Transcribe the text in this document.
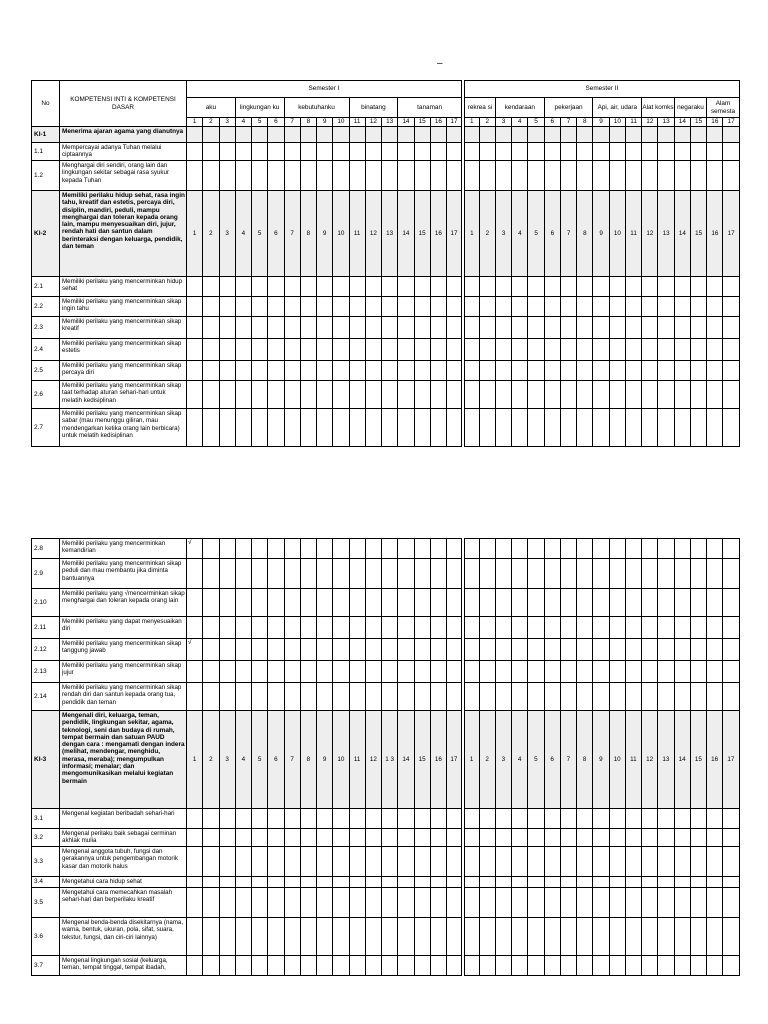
–
No	KOMPETENSI INTI & KOMPETENSI DASAR	Semester I																	Semester II																
		aku			lingkungan ku			kebutuhanku				binatang			tanaman				rekrea si		kendaraan			pekerjaan			Api, air, udara			Alat komks		negaraku		Alam semesta	
		1	2	3	4	5	6	7	8	9	10	11	12	13	14	15	16	17	1	2	3	4	5	6	7	8	9	10	11	12	13	14	15	16	17
KI-1	Menerima ajaran agama yang dianutnya																																		
1.1	Mempercayai adanya Tuhan melalui ciptaannya																																		
1.2	Menghargai diri sendiri, orang lain dan lingkungan sekitar sebagai rasa syukur kepada Tuhan																																		
KI-2	Memiliki perilaku hidup sehat, rasa ingin tahu, kreatif dan estetis, percaya diri, disiplin, mandiri, peduli, mampu menghargai dan toleran kepada orang lain, mampu menyesuaikan diri, jujur, rendah hati dan santun dalam berinteraksi dengan keluarga, pendidik, dan teman	1	2	3	4	5	6	7	8	9	10	11	12	13	14	15	16	17	1	2	3	4	5	6	7	8	9	10	11	12	13	14	15	16	17
2.1	Memiliki perilaku yang mencerminkan hidup sehat																																		
2.2	Memiliki perilaku yang mencerminkan sikap ingin tahu																																		
2.3	Memiliki perilaku yang mencerminkan sikap kreatif																																		
2.4	Memiliki perilaku yang mencerminkan sikap estetis																																		
2.5	Memiliki perilaku yang mencerminkan sikap percaya diri																																		
2.6	Memiliki perilaku yang mencerminkan sikap taat terhadap aturan sehari-hari untuk melatih kedisiplinan																																		
2.7	Memiliki perilaku yang mencerminkan sikap sabar (mau menunggu giliran, mau mendengarkan ketika orang lain berbicara) untuk melatih kedisiplinan																																		
2.8	Memiliki perilaku yang mencerminkan kemandirian	√																																	
2.9	Memiliki perilaku yang mencerminkan sikap peduli dan mau membantu jika diminta bantuannya																																		
2.10	Memiliki perilaku yang √mencerminkan sikap menghargai dan toleran kepada orang lain																																		
2.11	Memiliki perilaku yang dapat menyesuaikan diri																																		
2.12	Memiliki perilaku yang mencerminkan sikap tanggung jawab	√																																	
2.13	Memiliki perilaku yang mencerminkan sikap jujur																																		
2.14	Memiliki perilaku yang mencerminkan sikap rendah diri dan santun kepada orang tua, pendidik dan teman																																		
KI-3	Mengenali diri, keluarga, teman, pendidik, lingkungan sekitar, agama, teknologi, seni dan budaya di rumah, tempat bermain dan satuan PAUD dengan cara : mengamati dengan indera (melihat, mendengar, menghidu, merasa, meraba); mengumpulkan informasi; menalar; dan mengomunikasikan melalui kegiatan bermain	1	2	3	4	5	6	7	8	9	10	11	12	1 3	14	15	16	17	1	2	3	4	5	6	7	8	9	10	11	12	13	14	15	16	17
3.1	Mengenal kegiatan beribadah sehari-hari																																		
3.2	Mengenal perilaku baik sebagai cerminan akhlak mulia																																		
3.3	Mengenal anggota tubuh, fungsi dan gerakannya untuk pengembangan motorik kasar dan motorik halus																																		
3.4	Mengetahui cara hidup sehat																																		
3.5	Mengetahui cara memecahkan masalah sehari-hari dan berperilaku kreatif																																		
3.6	Mengenal benda-benda disekitarnya (nama, warna, bentuk, ukuran, pola, sifat, suara, tekstur, fungsi, dan ciri-ciri lainnya)																																		
3.7	Mengenal lingkungan sosial (keluarga, teman, tempat tinggal, tempat ibadah,																																		
